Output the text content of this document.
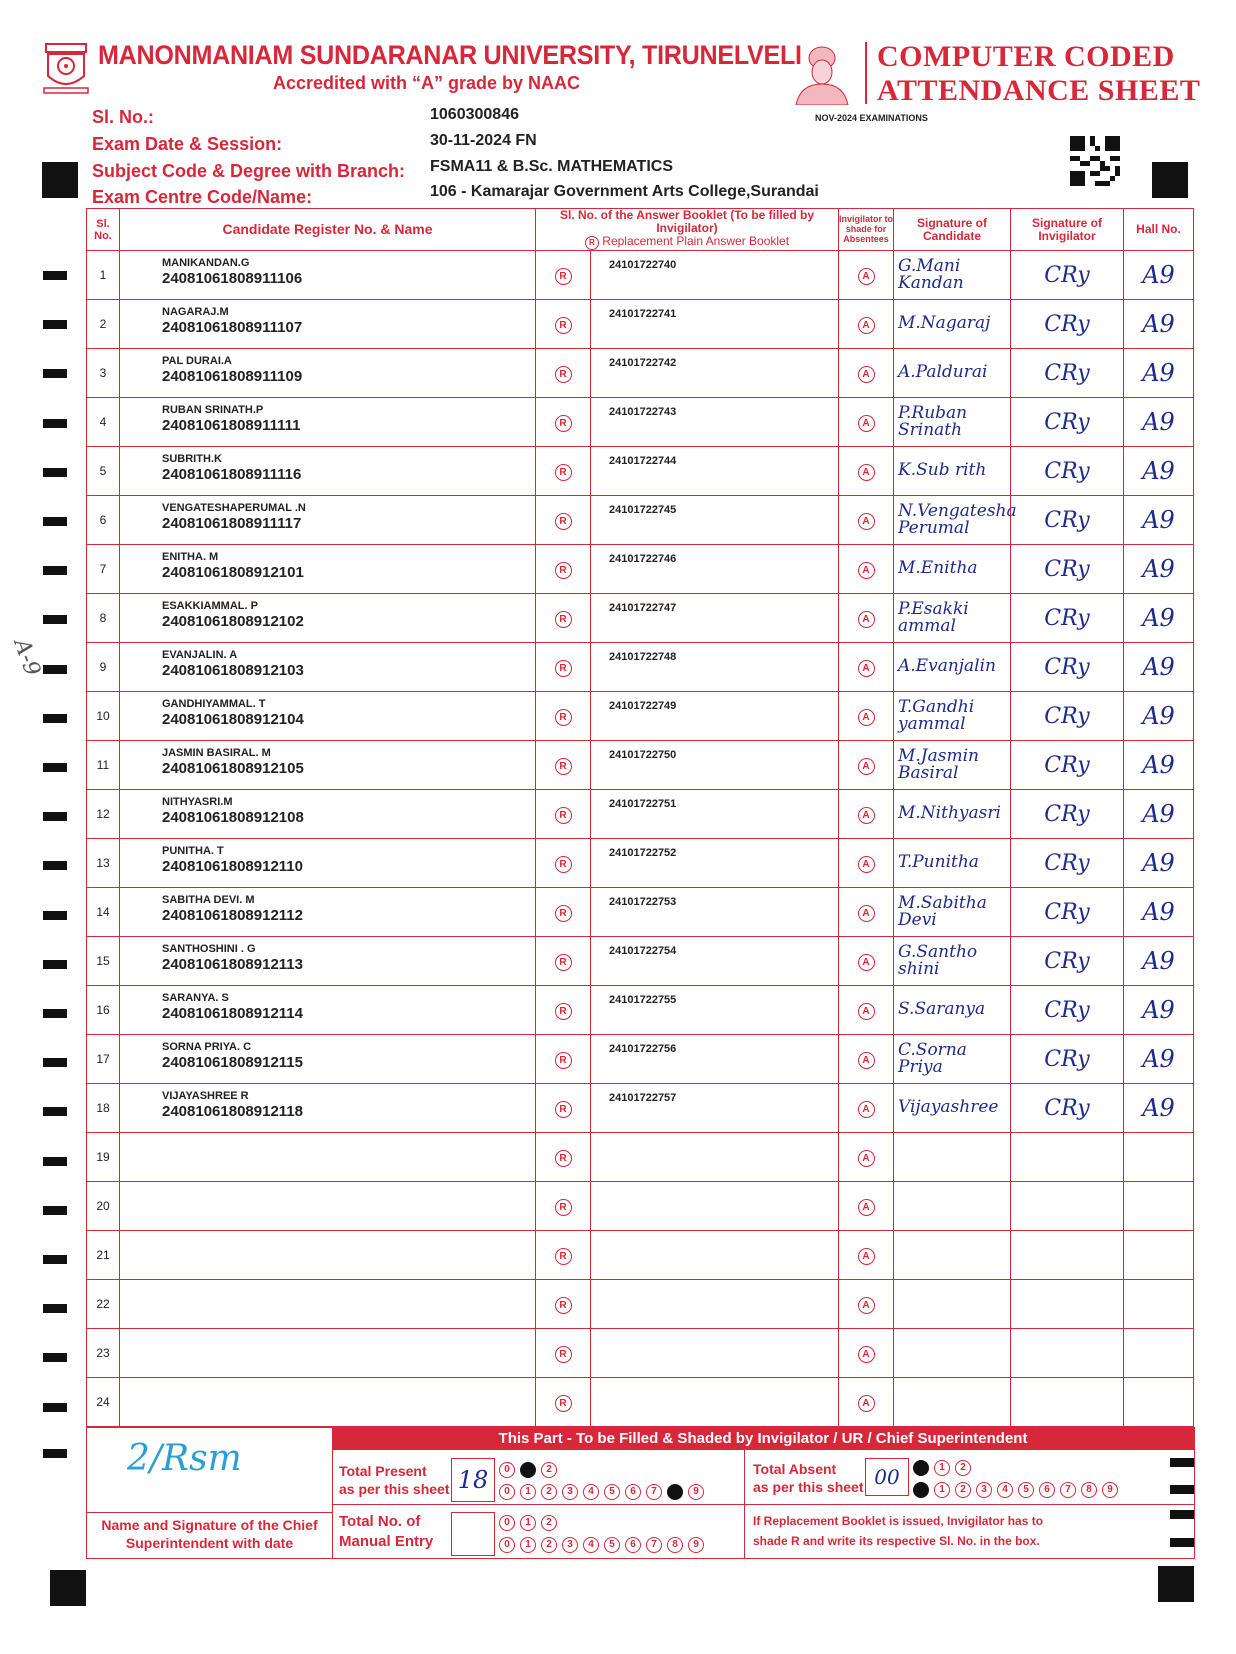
MANONMANIAM SUNDARANAR UNIVERSITY, TIRUNELVELI
Accredited with “A” grade by NAAC
COMPUTER CODED
ATTENDANCE SHEET
NOV-2024 EXAMINATIONS
Sl. No.:	1060300846
Exam Date & Session:	30-11-2024 FN
Subject Code & Degree with Branch: FSMA11 & B.Sc. MATHEMATICS
Exam Centre Code/Name:	106 - Kamarajar Government Arts College,Surandai
A-9
Sl. No.	Candidate Register No. & Name	Sl. No. of the Answer Booklet (To be filled by Invigilator)
R Replacement Plain Answer Booklet		Invigilator to shade for Absentees	Signature of Candidate	Signature of Invigilator	Hall No.
1	MANIKANDAN.G
24081061808911106	R	24101722740	A	G.Mani Kandan	CRy	A9
2	NAGARAJ.M
24081061808911107	R	24101722741	A	M.Nagaraj	CRy	A9
3	PAL DURAI.A
24081061808911109	R	24101722742	A	A.Paldurai	CRy	A9
4	RUBAN SRINATH.P
24081061808911111	R	24101722743	A	P.Ruban Srinath	CRy	A9
5	SUBRITH.K
24081061808911116	R	24101722744	A	K.Sub rith	CRy	A9
6	VENGATESHAPERUMAL .N
24081061808911117	R	24101722745	A	N.Vengatesha Perumal	CRy	A9
7	ENITHA. M
24081061808912101	R	24101722746	A	M.Enitha	CRy	A9
8	ESAKKIAMMAL. P
24081061808912102	R	24101722747	A	P.Esakki ammal	CRy	A9
9	EVANJALIN. A
24081061808912103	R	24101722748	A	A.Evanjalin	CRy	A9
10	GANDHIYAMMAL. T
24081061808912104	R	24101722749	A	T.Gandhi yammal	CRy	A9
11	JASMIN BASIRAL. M
24081061808912105	R	24101722750	A	M.Jasmin Basiral	CRy	A9
12	NITHYASRI.M
24081061808912108	R	24101722751	A	M.Nithyasri	CRy	A9
13	PUNITHA. T
24081061808912110	R	24101722752	A	T.Punitha	CRy	A9
14	SABITHA DEVI. M
24081061808912112	R	24101722753	A	M.Sabitha Devi	CRy	A9
15	SANTHOSHINI . G
24081061808912113	R	24101722754	A	G.Santho shini	CRy	A9
16	SARANYA. S
24081061808912114	R	24101722755	A	S.Saranya	CRy	A9
17	SORNA PRIYA. C
24081061808912115	R	24101722756	A	C.Sorna Priya	CRy	A9
18	VIJAYASHREE R
24081061808912118	R	24101722757	A	Vijayashree	CRy	A9
19		R		A			
20		R		A			
21		R		A			
22		R		A			
23		R		A			
24		R		A			
This Part - To be Filled & Shaded by Invigilator / UR / Chief Superintendent
2/Rsm
Name and Signature of the Chief Superintendent with date
Total Present
as per this sheet 18	0 1 2
0 1 2 3 4 5 6 7 8 9
Total Absent
as per this sheet 00	0 1 2
0 1 2 3 4 5 6 7 8 9
Total No. of
Manual Entry
0 1 2
0 1 2 3 4 5 6 7 8 9
If Replacement Booklet is issued, Invigilator has to
shade R and write its respective Sl. No. in the box.
